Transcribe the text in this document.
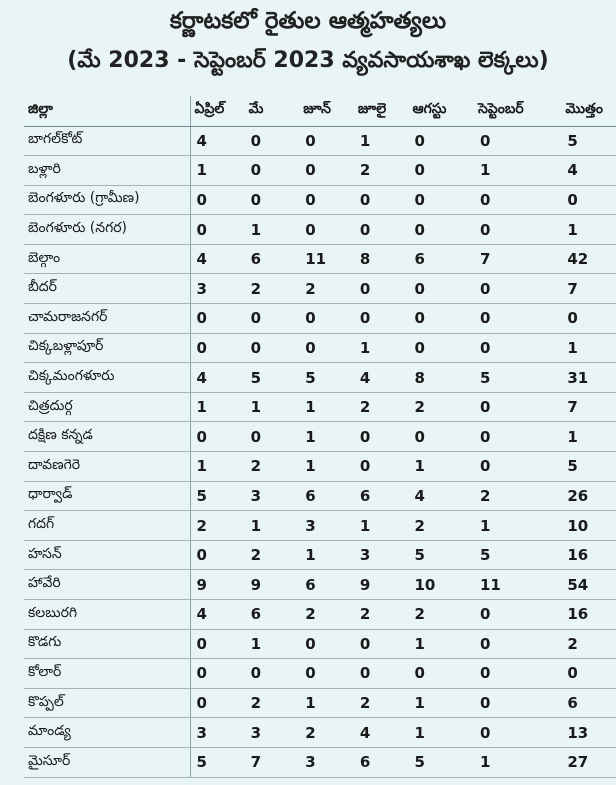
కర్ణాటకలో రైతుల ఆత్మహత్యలు
(మే 2023 - సెప్టెంబర్ 2023 వ్యవసాయశాఖ లెక్కలు)
జిల్లా	ఏప్రిల్	మే	జూన్	జూలై	ఆగస్టు	సెప్టెంబర్	మొత్తం
బాగల్‌కోట్	4	0	0	1	0	0	5
బళ్లారి	1	0	0	2	0	1	4
బెంగళూరు (గ్రామీణ)	0	0	0	0	0	0	0
బెంగళూరు (నగర)	0	1	0	0	0	0	1
బెల్గాం	4	6	11	8	6	7	42
బీదర్	3	2	2	0	0	0	7
చామరాజనగర్	0	0	0	0	0	0	0
చిక్కబళ్లాపూర్	0	0	0	1	0	0	1
చిక్కమంగళూరు	4	5	5	4	8	5	31
చిత్రదుర్గ	1	1	1	2	2	0	7
దక్షిణ కన్నడ	0	0	1	0	0	0	1
దావణగెరె	1	2	1	0	1	0	5
ధార్వాడ్	5	3	6	6	4	2	26
గదగ్	2	1	3	1	2	1	10
హసన్	0	2	1	3	5	5	16
హావేరి	9	9	6	9	10	11	54
కలబురగి	4	6	2	2	2	0	16
కొడగు	0	1	0	0	1	0	2
కోలార్	0	0	0	0	0	0	0
కొప్పల్	0	2	1	2	1	0	6
మాండ్య	3	3	2	4	1	0	13
మైసూర్	5	7	3	6	5	1	27
